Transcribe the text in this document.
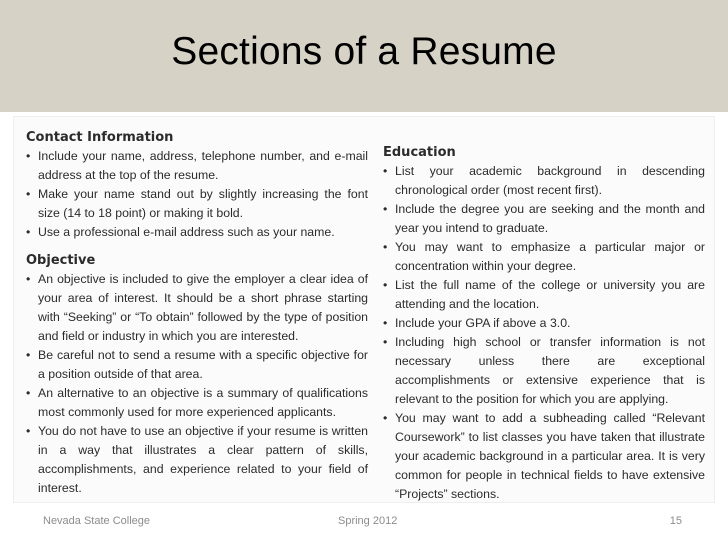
Sections of a Resume
Contact Information
• Include your name, address, telephone number, and e-mail address at the top of the resume.
• Make your name stand out by slightly increasing the font size (14 to 18 point) or making it bold.
• Use a professional e-mail address such as your name.
Objective
• An objective is included to give the employer a clear idea of your area of interest. It should be a short phrase starting with “Seeking” or “To obtain” followed by the type of position and field or industry in which you are interested.
• Be careful not to send a resume with a specific objective for a position outside of that area.
• An alternative to an objective is a summary of qualifications most commonly used for more experienced applicants.
• You do not have to use an objective if your resume is written in a way that illustrates a clear pattern of skills, accomplishments, and experience related to your field of interest.
Education
• List your academic background in descending chronological order (most recent first).
• Include the degree you are seeking and the month and year you intend to graduate.
• You may want to emphasize a particular major or concentration within your degree.
• List the full name of the college or university you are attending and the location.
• Include your GPA if above a 3.0.
• Including high school or transfer information is not necessary unless there are exceptional accomplishments or extensive experience that is relevant to the position for which you are applying.
• You may want to add a subheading called “Relevant Coursework” to list classes you have taken that illustrate your academic background in a particular area. It is very common for people in technical fields to have extensive “Projects” sections.
Nevada State College	Spring 2012	15
